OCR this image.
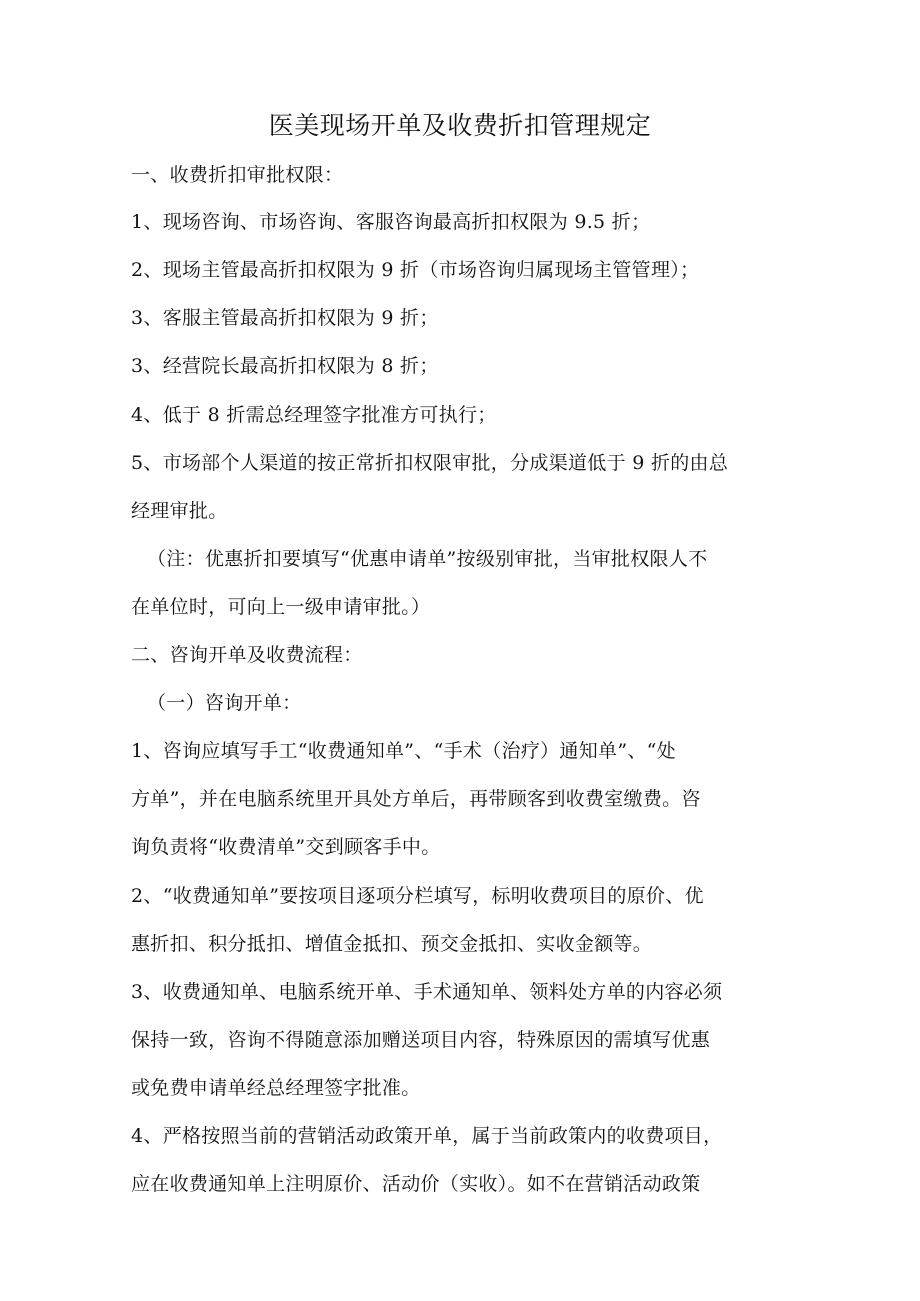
医美现场开单及收费折扣管理规定
一、收费折扣审批权限：
1、现场咨询、市场咨询、客服咨询最高折扣权限为 9.5 折；
2、现场主管最高折扣权限为 9 折（市场咨询归属现场主管管理）；
3、客服主管最高折扣权限为 9 折；
3、经营院长最高折扣权限为 8 折；
4、低于 8 折需总经理签字批准方可执行；
5、市场部个人渠道的按正常折扣权限审批，分成渠道低于 9 折的由总
经理审批。
（注：优惠折扣要填写“优惠申请单”按级别审批，当审批权限人不
在单位时，可向上一级申请审批。）
二、咨询开单及收费流程：
（一）咨询开单：
1、咨询应填写手工“收费通知单”、“手术（治疗）通知单”、“处
方单”，并在电脑系统里开具处方单后，再带顾客到收费室缴费。咨
询负责将“收费清单”交到顾客手中。
2、“收费通知单”要按项目逐项分栏填写，标明收费项目的原价、优
惠折扣、积分抵扣、增值金抵扣、预交金抵扣、实收金额等。
3、收费通知单、电脑系统开单、手术通知单、领料处方单的内容必须
保持一致，咨询不得随意添加赠送项目内容，特殊原因的需填写优惠
或免费申请单经总经理签字批准。
4、严格按照当前的营销活动政策开单，属于当前政策内的收费项目，
应在收费通知单上注明原价、活动价（实收）。如不在营销活动政策
